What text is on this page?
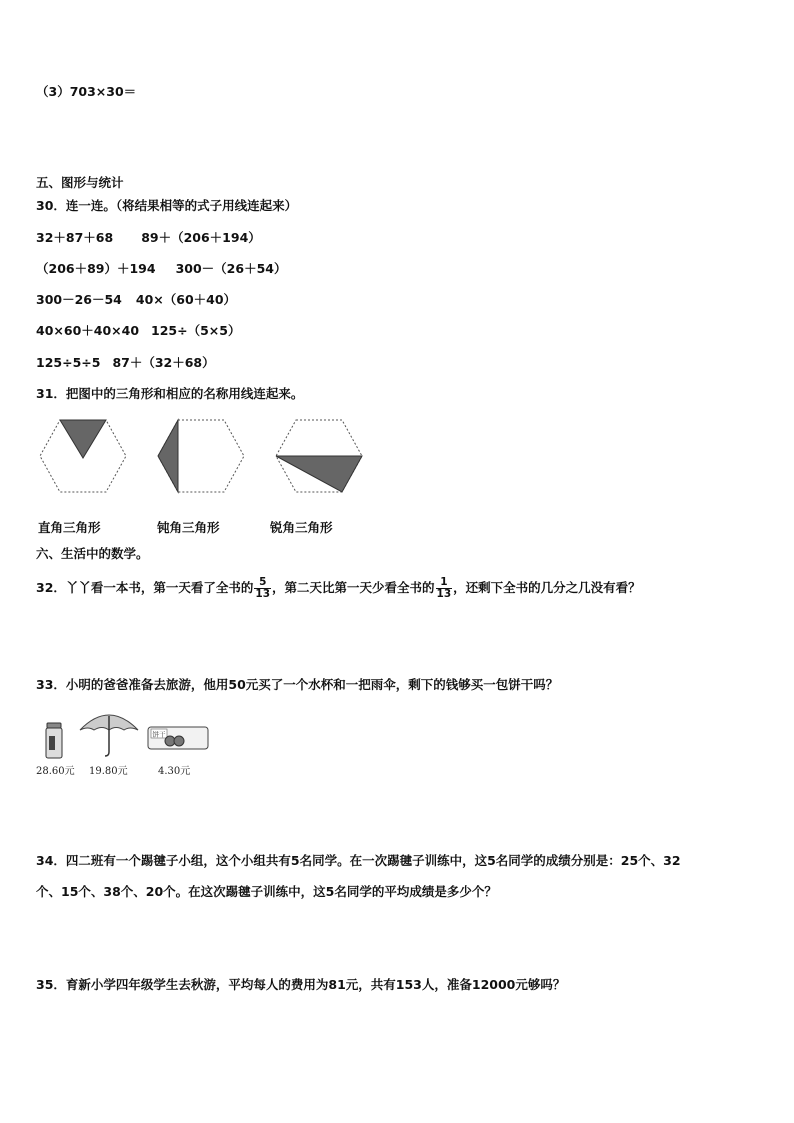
（3）703×30＝
五、图形与统计
30．连一连。（将结果相等的式子用线连起来）
32＋87＋68 89＋（206＋194）
（206＋89）＋194 300－（26＋54）
300－26－54 40×（60＋40）
40×60＋40×40 125÷（5×5）
125÷5÷5 87＋（32＋68）
31．把图中的三角形和相应的名称用线连起来。
直角三角形	钝角三角形	锐角三角形
六、生活中的数学。
32．丫丫看一本书，第一天看了全书的 $\frac{5}{13}$ ，第二天比第一天少看全书的 $\frac{1}{13}$ ，还剩下全书的几分之几没有看？
33．小明的爸爸准备去旅游，他用50元买了一个水杯和一把雨伞，剩下的钱够买一包饼干吗？
饼干
28.60元 19.80元	4.30元
34．四二班有一个踢毽子小组，这个小组共有5名同学。在一次踢毽子训练中，这5名同学的成绩分别是：25个、32
个、15个、38个、20个。在这次踢毽子训练中，这5名同学的平均成绩是多少个？
35．育新小学四年级学生去秋游，平均每人的费用为81元，共有153人，准备12000元够吗？
